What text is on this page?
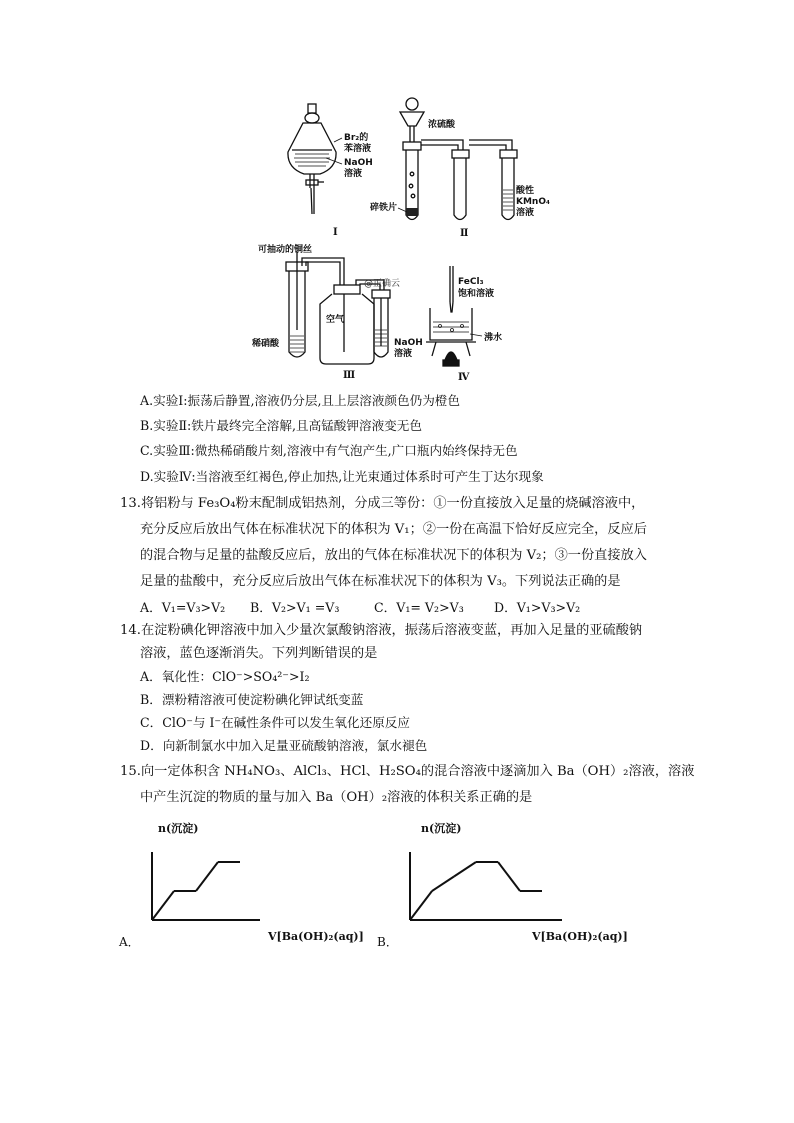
Br₂的
苯溶液
NaOH
溶液
Ⅰ
浓硫酸
碎铁片
酸性
KMnO₄
溶液
Ⅱ
可抽动的铜丝
稀硝酸
空气
NaOH
溶液
@正确云
Ⅲ
FeCl₃
饱和溶液
沸水
Ⅳ
A.实验Ⅰ:振荡后静置,溶液仍分层,且上层溶液颜色仍为橙色
B.实验Ⅱ:铁片最终完全溶解,且高锰酸钾溶液变无色
C.实验Ⅲ:微热稀硝酸片刻,溶液中有气泡产生,广口瓶内始终保持无色
D.实验Ⅳ:当溶液至红褐色,停止加热,让光束通过体系时可产生丁达尔现象
13.将铝粉与 Fe₃O₄粉末配制成铝热剂，分成三等份：①一份直接放入足量的烧碱溶液中，
充分反应后放出气体在标准状况下的体积为 V₁；②一份在高温下恰好反应完全，反应后
的混合物与足量的盐酸反应后，放出的气体在标准状况下的体积为 V₂；③一份直接放入
足量的盐酸中，充分反应后放出气体在标准状况下的体积为 V₃。下列说法正确的是
A．V₁=V₃>V₂ B．V₂>V₁ =V₃	C．V₁= V₂>V₃ D．V₁>V₃>V₂
14.在淀粉碘化钾溶液中加入少量次氯酸钠溶液，振荡后溶液变蓝，再加入足量的亚硫酸钠
溶液，蓝色逐渐消失。下列判断错误的是
A．氧化性：ClO⁻>SO₄²⁻>I₂
B．漂粉精溶液可使淀粉碘化钾试纸变蓝
C．ClO⁻与 I⁻在碱性条件可以发生氧化还原反应
D．向新制氯水中加入足量亚硫酸钠溶液，氯水褪色
15.向一定体积含 NH₄NO₃、AlCl₃、HCl、H₂SO₄的混合溶液中逐滴加入 Ba（OH）₂溶液，溶液
中产生沉淀的物质的量与加入 Ba（OH）₂溶液的体积关系正确的是
A．
n(沉淀)
V[Ba(OH)₂(aq)] B．
n(沉淀)
V[Ba(OH)₂(aq)]
